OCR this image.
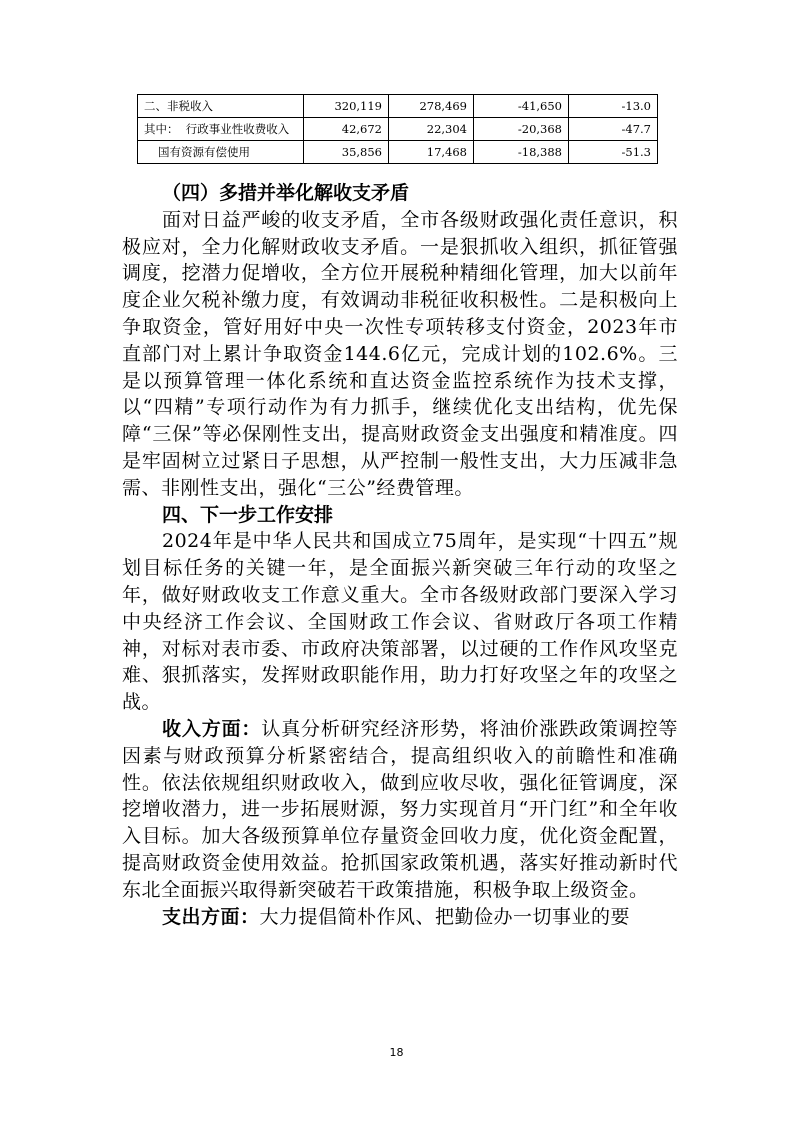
二、非税收入	320,119	278,469	-41,650	-13.0
其中：  行政事业性收费收入	42,672	22,304	-20,368	-47.7
国有资源有偿使用	35,856	17,468	-18,388	-51.3

（四）多措并举化解收支矛盾

面对日益严峻的收支矛盾，全市各级财政强化责任意识，积极应对，全力化解财政收支矛盾。一是狠抓收入组织，抓征管强调度，挖潜力促增收，全方位开展税种精细化管理，加大以前年度企业欠税补缴力度，有效调动非税征收积极性。二是积极向上争取资金，管好用好中央一次性专项转移支付资金，2023年市直部门对上累计争取资金144.6亿元，完成计划的102.6%。三是以预算管理一体化系统和直达资金监控系统作为技术支撑，以“四精”专项行动作为有力抓手，继续优化支出结构，优先保障“三保”等必保刚性支出，提高财政资金支出强度和精准度。四是牢固树立过紧日子思想，从严控制一般性支出，大力压减非急需、非刚性支出，强化“三公”经费管理。

四、下一步工作安排

2024年是中华人民共和国成立75周年，是实现“十四五”规划目标任务的关键一年，是全面振兴新突破三年行动的攻坚之年，做好财政收支工作意义重大。全市各级财政部门要深入学习中央经济工作会议、全国财政工作会议、省财政厅各项工作精神，对标对表市委、市政府决策部署，以过硬的工作作风攻坚克难、狠抓落实，发挥财政职能作用，助力打好攻坚之年的攻坚之战。

收入方面：认真分析研究经济形势，将油价涨跌政策调控等因素与财政预算分析紧密结合，提高组织收入的前瞻性和准确性。依法依规组织财政收入，做到应收尽收，强化征管调度，深挖增收潜力，进一步拓展财源，努力实现首月“开门红”和全年收入目标。加大各级预算单位存量资金回收力度，优化资金配置，提高财政资金使用效益。抢抓国家政策机遇，落实好推动新时代东北全面振兴取得新突破若干政策措施，积极争取上级资金。

支出方面：大力提倡简朴作风、把勤俭办一切事业的要

18
